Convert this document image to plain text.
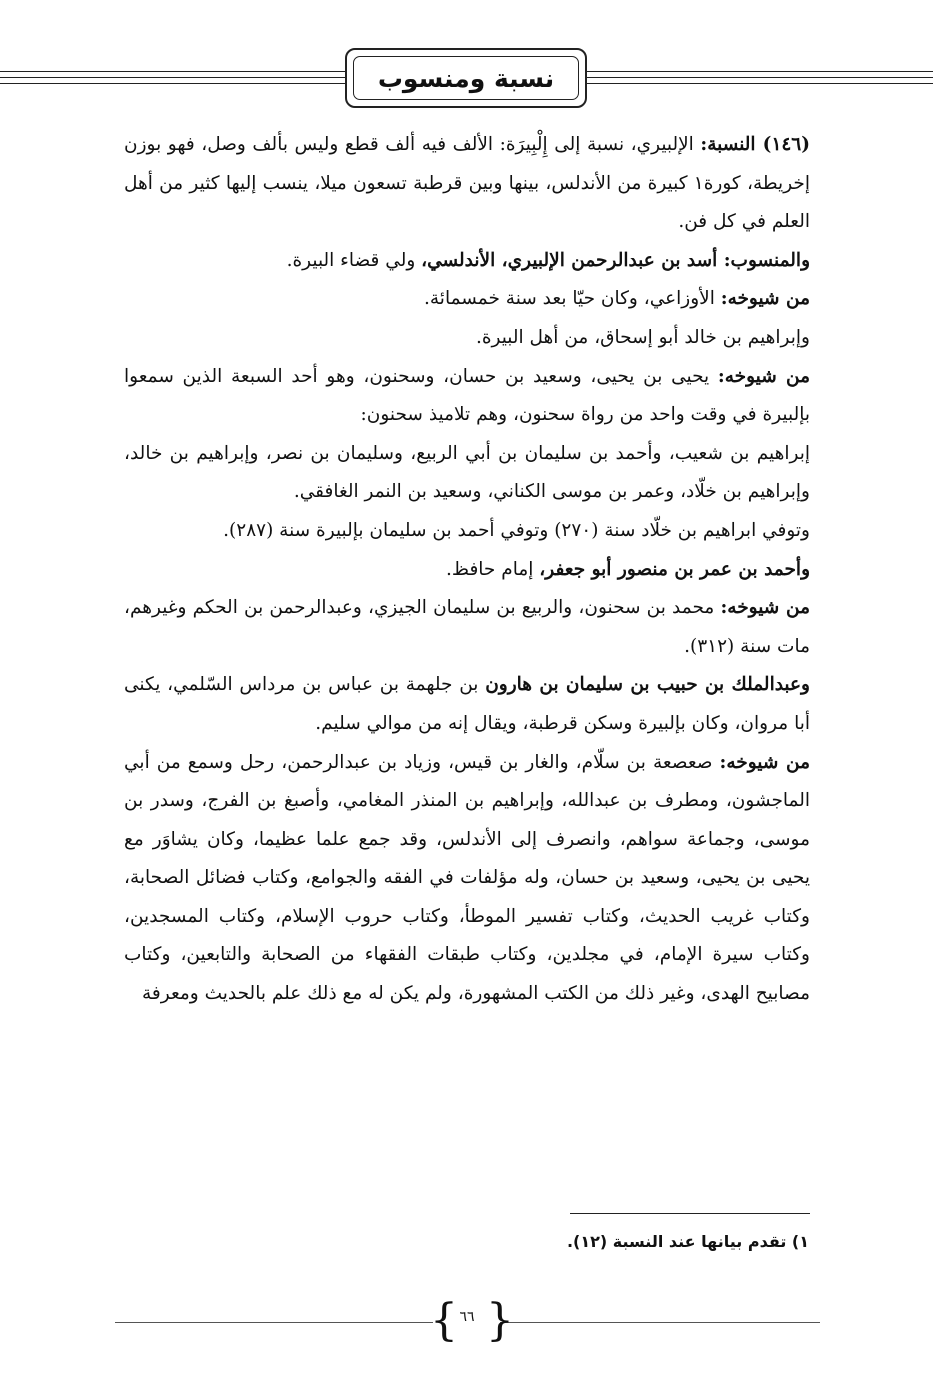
نسبة ومنسوب

(١٤٦) النسبة: الإلبيري، نسبة إلى إِلْبِيرَة: الألف فيه ألف قطع وليس بألف وصل، فهو بوزن إخريطة، كورة١ كبيرة من الأندلس، بينها وبين قرطبة تسعون ميلا، ينسب إليها كثير من أهل العلم في كل فن.

والمنسوب: أسد بن عبدالرحمن الإلبيري، الأندلسي، ولي قضاء البيرة.

من شيوخه: الأوزاعي، وكان حيّا بعد سنة خمسمائة.

وإبراهيم بن خالد أبو إسحاق، من أهل البيرة.

من شيوخه: يحيى بن يحيى، وسعيد بن حسان، وسحنون، وهو أحد السبعة الذين سمعوا بإلبيرة في وقت واحد من رواة سحنون، وهم تلاميذ سحنون:

إبراهيم بن شعيب، وأحمد بن سليمان بن أبي الربيع، وسليمان بن نصر، وإبراهيم بن خالد، وإبراهيم بن خلّاد، وعمر بن موسى الكناني، وسعيد بن النمر الغافقي.

وتوفي ابراهيم بن خلّاد سنة (٢٧٠) وتوفي أحمد بن سليمان بإلبيرة سنة (٢٨٧).

وأحمد بن عمر بن منصور أبو جعفر، إمام حافظ.

من شيوخه: محمد بن سحنون، والربيع بن سليمان الجيزي، وعبدالرحمن بن الحكم وغيرهم، مات سنة (٣١٢).

وعبدالملك بن حبيب بن سليمان بن هارون بن جلهمة بن عباس بن مرداس السّلمي، يكنى أبا مروان، وكان بإلبيرة وسكن قرطبة، ويقال إنه من موالي سليم.

من شيوخه: صعصعة بن سلّام، والغار بن قيس، وزياد بن عبدالرحمن، رحل وسمع من أبي الماجشون، ومطرف بن عبدالله، وإبراهيم بن المنذر المغامي، وأصبغ بن الفرج، وسدر بن موسى، وجماعة سواهم، وانصرف إلى الأندلس، وقد جمع علما عظيما، وكان يشاوَر مع يحيى بن يحيى، وسعيد بن حسان، وله مؤلفات في الفقه والجوامع، وكتاب فضائل الصحابة، وكتاب غريب الحديث، وكتاب تفسير الموطأ، وكتاب حروب الإسلام، وكتاب المسجدين، وكتاب سيرة الإمام، في مجلدين، وكتاب طبقات الفقهاء من الصحابة والتابعين، وكتاب مصابيح الهدى، وغير ذلك من الكتب المشهورة، ولم يكن له مع ذلك علم بالحديث ومعرفة

١) تقدم بيانها عند النسبة (١٢).
{ }
٦٦
